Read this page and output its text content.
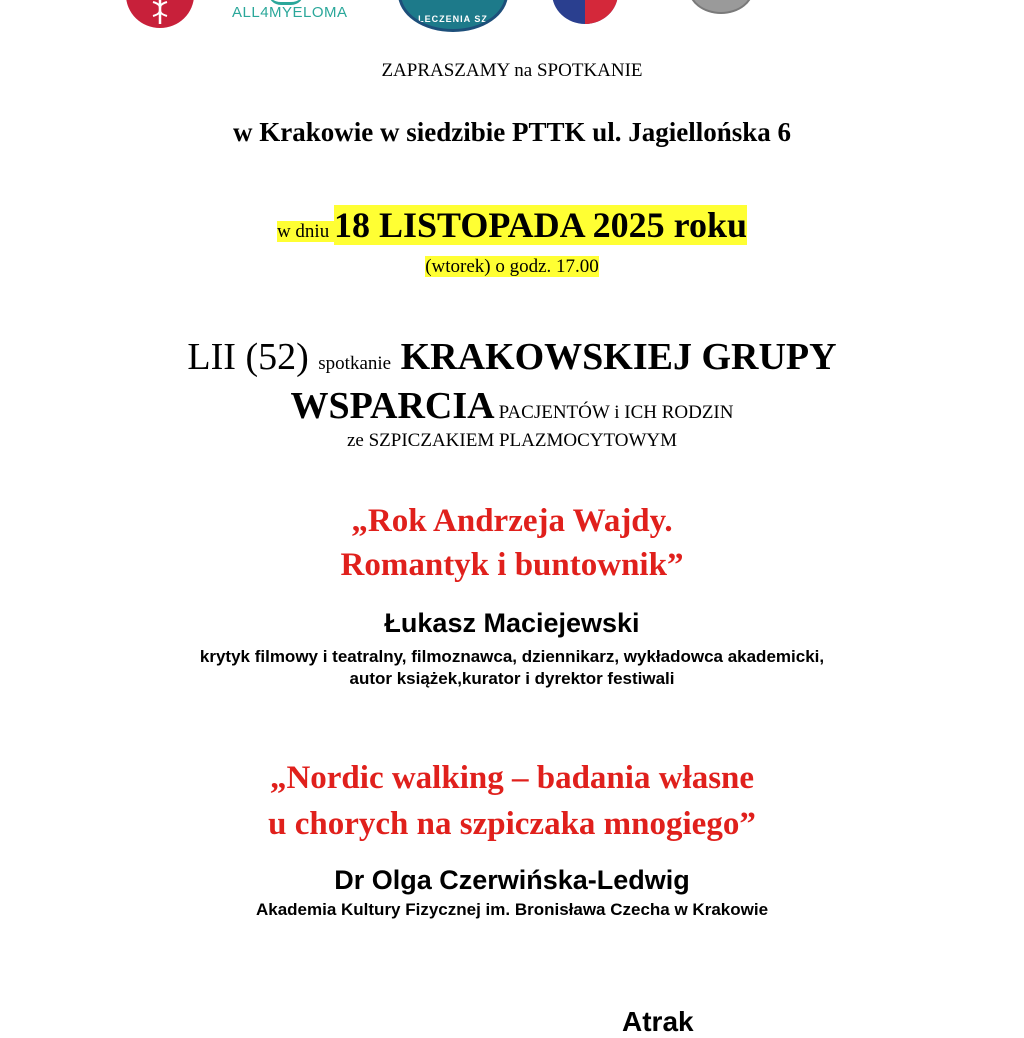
ALL4MYELOMA	LECZENIA SZ
ZAPRASZAMY na SPOTKANIE
w Krakowie w siedzibie PTTK ul. Jagiellońska 6
w dniu 18 LISTOPADA 2025 roku
(wtorek) o godz. 17.00
LII (52) spotkanie KRAKOWSKIEJ GRUPY
WSPARCIA PACJENTÓW i ICH RODZIN
ze SZPICZAKIEM PLAZMOCYTOWYM
„Rok Andrzeja Wajdy.
Romantyk i buntownik”
Łukasz Maciejewski
krytyk filmowy i teatralny, filmoznawca, dziennikarz, wykładowca akademicki,
autor książek,kurator i dyrektor festiwali
„Nordic walking – badania własne
u chorych na szpiczaka mnogiego”
Dr Olga Czerwińska-Ledwig
Akademia Kultury Fizycznej im. Bronisława Czecha w Krakowie
Atrak
